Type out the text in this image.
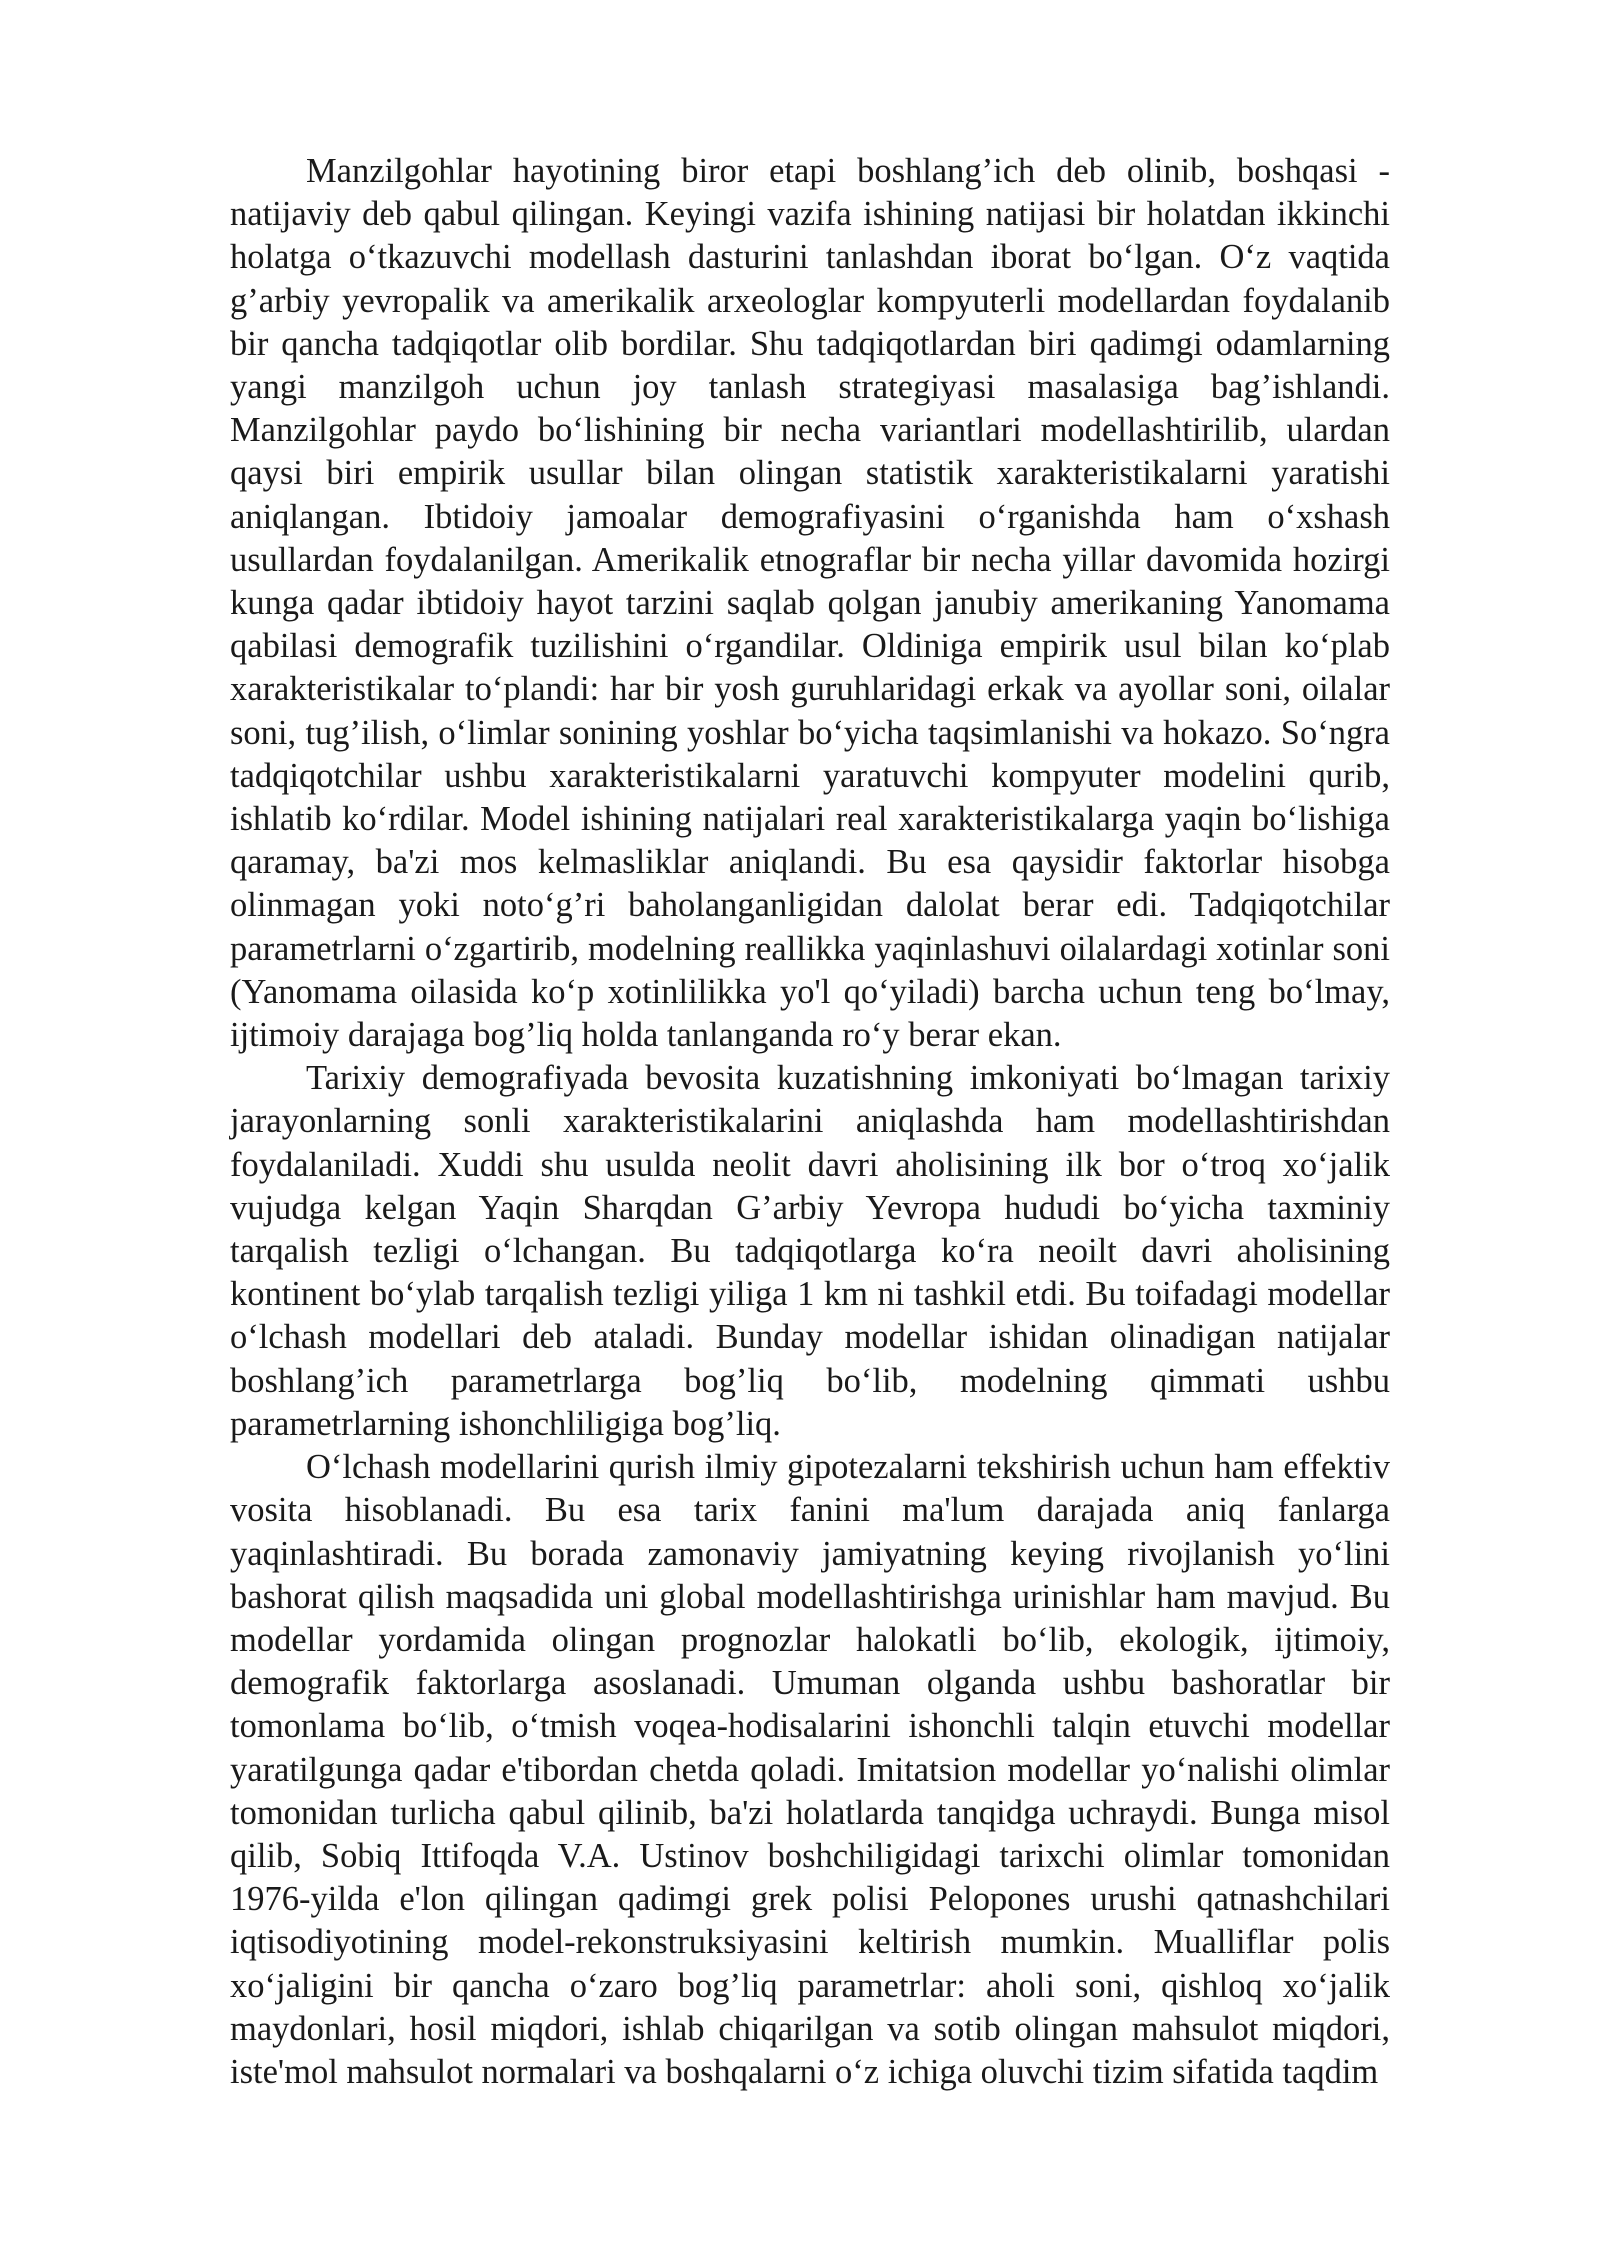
Manzilgohlar hayotining biror etapi boshlang’ich deb olinib, boshqasi - natijaviy deb qabul qilingan. Keyingi vazifa ishining natijasi bir holatdan ikkinchi holatga o‘tkazuvchi modellash dasturini tanlashdan iborat bo‘lgan. O‘z vaqtida g’arbiy yevropalik va amerikalik arxeologlar kompyuterli modellardan foydalanib bir qancha tadqiqotlar olib bordilar. Shu tadqiqotlardan biri qadimgi odamlarning yangi manzilgoh uchun joy tanlash strategiyasi masalasiga bag’ishlandi. Manzilgohlar paydo bo‘lishining bir necha variantlari modellashtirilib, ulardan qaysi biri empirik usullar bilan olingan statistik xarakteristikalarni yaratishi aniqlangan. Ibtidoiy jamoalar demografiyasini o‘rganishda ham o‘xshash usullardan foydalanilgan. Amerikalik etnograflar bir necha yillar davomida hozirgi kunga qadar ibtidoiy hayot tarzini saqlab qolgan janubiy amerikaning Yanomama qabilasi demografik tuzilishini o‘rgandilar. Oldiniga empirik usul bilan ko‘plab xarakteristikalar to‘plandi: har bir yosh guruhlaridagi erkak va ayollar soni, oilalar soni, tug’ilish, o‘limlar sonining yoshlar bo‘yicha taqsimlanishi va hokazo. So‘ngra tadqiqotchilar ushbu xarakteristikalarni yaratuvchi kompyuter modelini qurib, ishlatib ko‘rdilar. Model ishining natijalari real xarakteristikalarga yaqin bo‘lishiga qaramay, ba'zi mos kelmasliklar aniqlandi. Bu esa qaysidir faktorlar hisobga olinmagan yoki noto‘g’ri baholanganligidan dalolat berar edi. Tadqiqotchilar parametrlarni o‘zgartirib, modelning reallikka yaqinlashuvi oilalardagi xotinlar soni (Yanomama oilasida ko‘p xotinlilikka yo'l qo‘yiladi) barcha uchun teng bo‘lmay, ijtimoiy darajaga bog’liq holda tanlanganda ro‘y berar ekan.

Tarixiy demografiyada bevosita kuzatishning imkoniyati bo‘lmagan tarixiy jarayonlarning sonli xarakteristikalarini aniqlashda ham modellashtirishdan foydalaniladi. Xuddi shu usulda neolit davri aholisining ilk bor o‘troq xo‘jalik vujudga kelgan Yaqin Sharqdan G’arbiy Yevropa hududi bo‘yicha taxminiy tarqalish tezligi o‘lchangan. Bu tadqiqotlarga ko‘ra neoilt davri aholisining kontinent bo‘ylab tarqalish tezligi yiliga 1 km ni tashkil etdi. Bu toifadagi modellar o‘lchash modellari deb ataladi. Bunday modellar ishidan olinadigan natijalar boshlang’ich parametrlarga bog’liq bo‘lib, modelning qimmati ushbu parametrlarning ishonchliligiga bog’liq.

O‘lchash modellarini qurish ilmiy gipotezalarni tekshirish uchun ham effektiv vosita hisoblanadi. Bu esa tarix fanini ma'lum darajada aniq fanlarga yaqinlashtiradi. Bu borada zamonaviy jamiyatning keying rivojlanish yo‘lini bashorat qilish maqsadida uni global modellashtirishga urinishlar ham mavjud. Bu modellar yordamida olingan prognozlar halokatli bo‘lib, ekologik, ijtimoiy, demografik faktorlarga asoslanadi. Umuman olganda ushbu bashoratlar bir tomonlama bo‘lib, o‘tmish voqea-hodisalarini ishonchli talqin etuvchi modellar yaratilgunga qadar e'tibordan chetda qoladi. Imitatsion modellar yo‘nalishi olimlar tomonidan turlicha qabul qilinib, ba'zi holatlarda tanqidga uchraydi. Bunga misol qilib, Sobiq Ittifoqda V.A. Ustinov boshchiligidagi tarixchi olimlar tomonidan 1976-yilda e'lon qilingan qadimgi grek polisi Pelopones urushi qatnashchilari iqtisodiyotining model-rekonstruksiyasini keltirish mumkin. Mualliflar polis xo‘jaligini bir qancha o‘zaro bog’liq parametrlar: aholi soni, qishloq xo‘jalik maydonlari, hosil miqdori, ishlab chiqarilgan va sotib olingan mahsulot miqdori, iste'mol mahsulot normalari va boshqalarni o‘z ichiga oluvchi tizim sifatida taqdim
